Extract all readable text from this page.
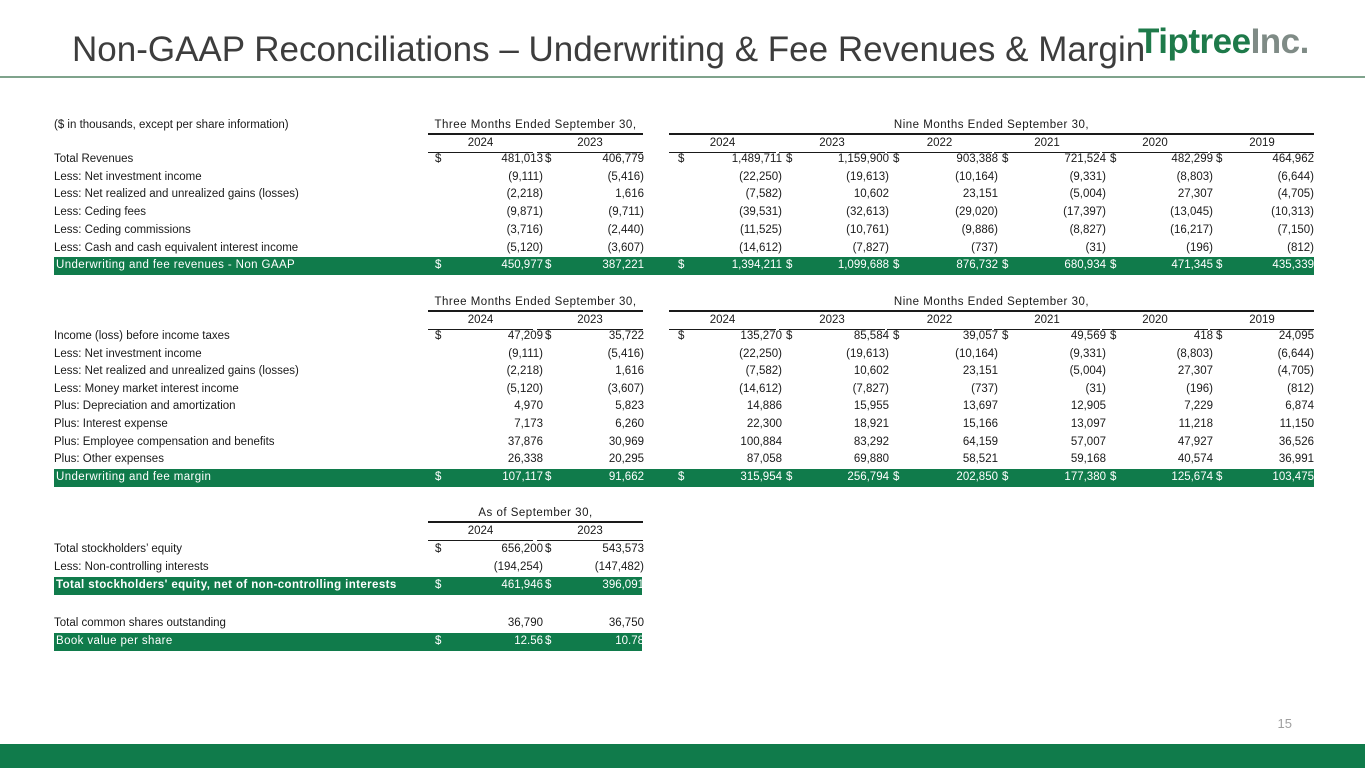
Non-GAAP Reconciliations – Underwriting & Fee Revenues & Margin
TiptreeInc.
($ in thousands, except per share information)	Three Months Ended September 30,	Nine Months Ended September 30,
2024	2023	2024	2023	2022	2021	2020	2019
Total Revenues	$	481,013 $	406,779	$	1,489,711 $	1,159,900 $	903,388 $	721,524 $	482,299 $	464,962
Less: Net investment income	(9,111)	(5,416)	(22,250)	(19,613)	(10,164)	(9,331)	(8,803)	(6,644)
Less: Net realized and unrealized gains (losses)	(2,218)	1,616	(7,582)	10,602	23,151	(5,004)	27,307	(4,705)
Less: Ceding fees	(9,871)	(9,711)	(39,531)	(32,613)	(29,020)	(17,397)	(13,045)	(10,313)
Less: Ceding commissions	(3,716)	(2,440)	(11,525)	(10,761)	(9,886)	(8,827)	(16,217)	(7,150)
Less: Cash and cash equivalent interest income	(5,120)	(3,607)	(14,612)	(7,827)	(737)	(31)	(196)	(812)
Underwriting and fee revenues - Non GAAP	$	450,977 $	387,221	$	1,394,211 $	1,099,688 $	876,732 $	680,934 $	471,345 $	435,339
Three Months Ended September 30,	Nine Months Ended September 30,
2024	2023	2024	2023	2022	2021	2020	2019
Income (loss) before income taxes	$	47,209 $	35,722	$	135,270 $	85,584 $	39,057 $	49,569 $	418 $	24,095
Less: Net investment income	(9,111)	(5,416)	(22,250)	(19,613)	(10,164)	(9,331)	(8,803)	(6,644)
Less: Net realized and unrealized gains (losses)	(2,218)	1,616	(7,582)	10,602	23,151	(5,004)	27,307	(4,705)
Less: Money market interest income	(5,120)	(3,607)	(14,612)	(7,827)	(737)	(31)	(196)	(812)
Plus: Depreciation and amortization	4,970	5,823	14,886	15,955	13,697	12,905	7,229	6,874
Plus: Interest expense	7,173	6,260	22,300	18,921	15,166	13,097	11,218	11,150
Plus: Employee compensation and benefits	37,876	30,969	100,884	83,292	64,159	57,007	47,927	36,526
Plus: Other expenses	26,338	20,295	87,058	69,880	58,521	59,168	40,574	36,991
Underwriting and fee margin	$	107,117 $	91,662	$	315,954 $	256,794 $	202,850 $	177,380 $	125,674 $	103,475
As of September 30,
2024	2023
Total stockholders’ equity	$	656,200 $	543,573
Less: Non-controlling interests	(194,254)	(147,482)
Total stockholders' equity, net of non-controlling interests	$	461,946 $	396,091
Total common shares outstanding	36,790	36,750
Book value per share	$	12.56 $	10.78
15
